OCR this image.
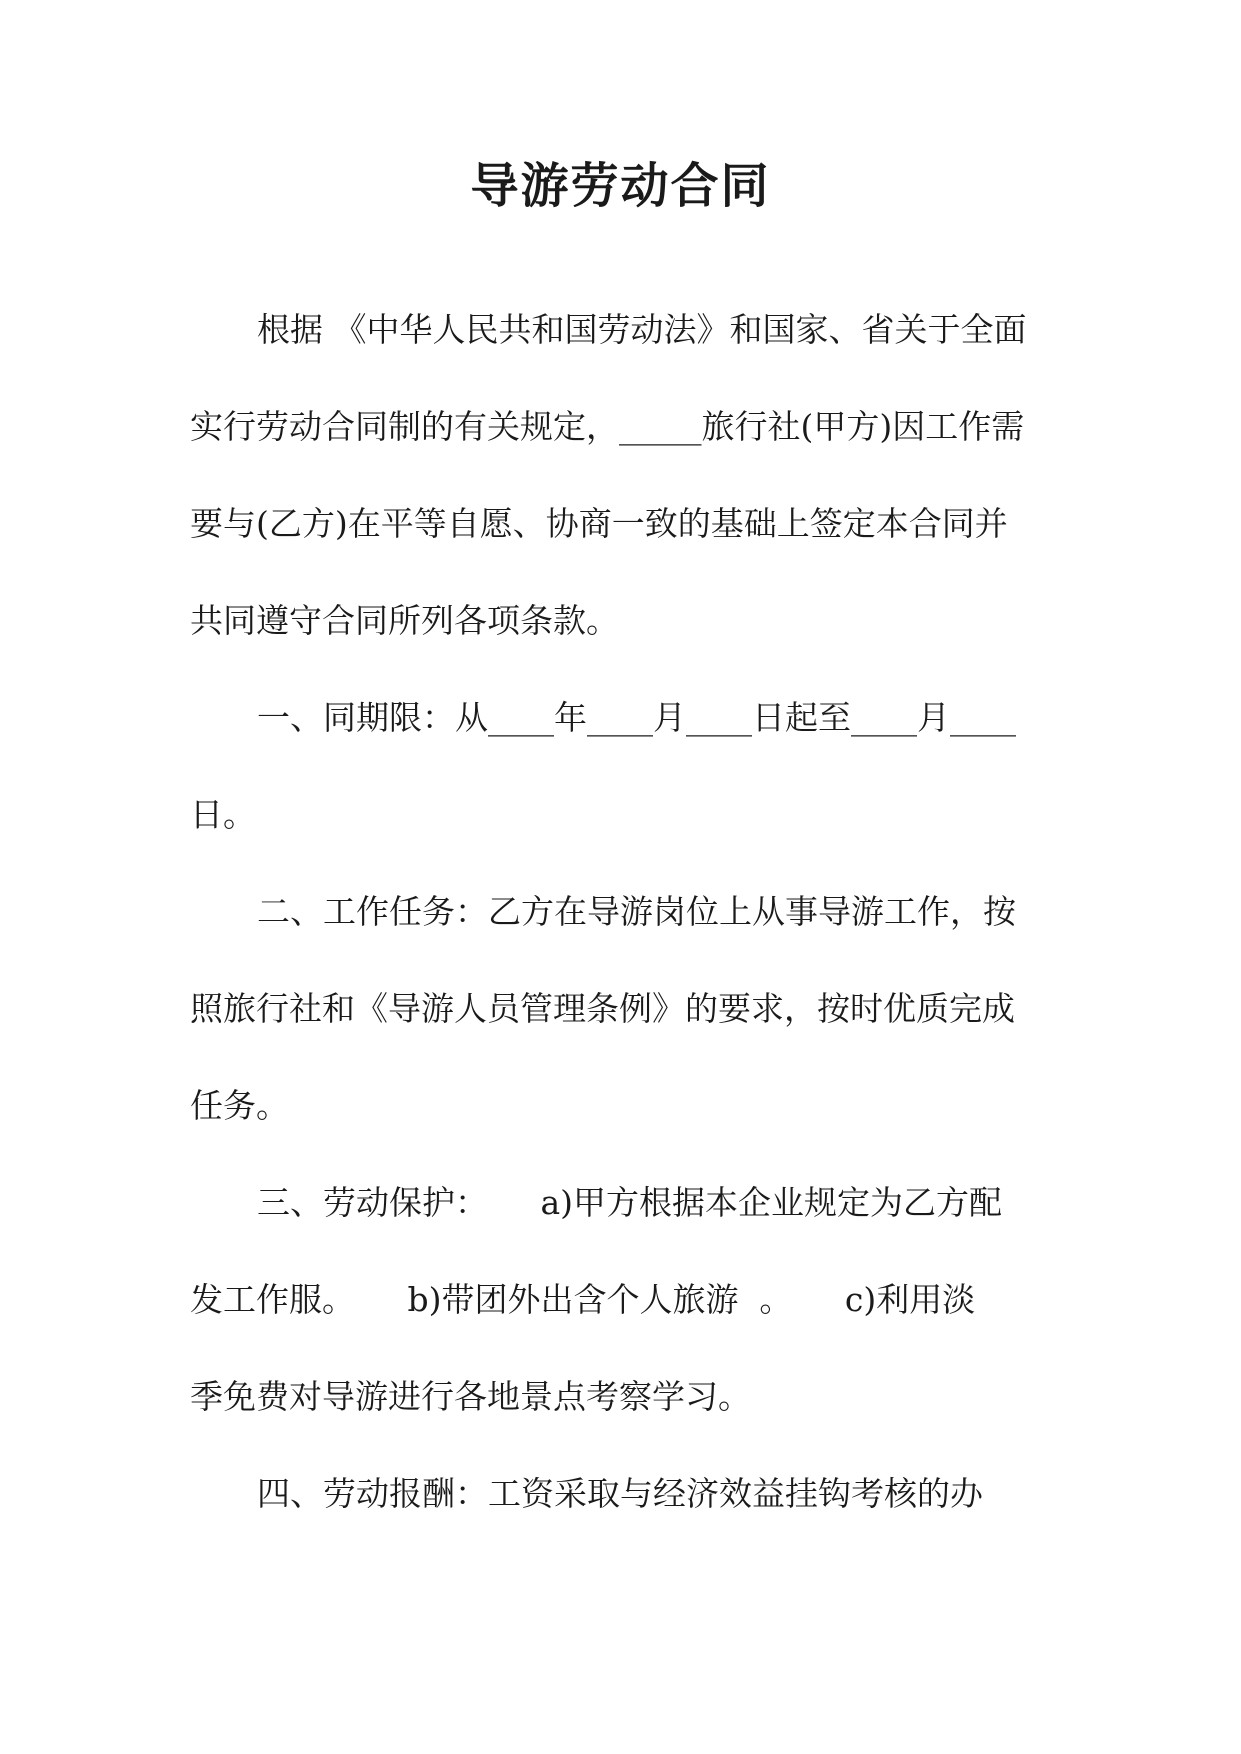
导游劳动合同
根据 《中华人民共和国劳动法》和国家、省关于全面
实行劳动合同制的有关规定，_____旅行社(甲方)因工作需
要与(乙方)在平等自愿、协商一致的基础上签定本合同并
共同遵守合同所列各项条款。
一、同期限：从____年____月____日起至____月____
日。
二、工作任务：乙方在导游岗位上从事导游工作，按
照旅行社和《导游人员管理条例》的要求，按时优质完成
任务。
三、劳动保护：     a)甲方根据本企业规定为乙方配
发工作服。     b)带团外出含个人旅游  。     c)利用淡
季免费对导游进行各地景点考察学习。
四、劳动报酬：工资采取与经济效益挂钩考核的办
